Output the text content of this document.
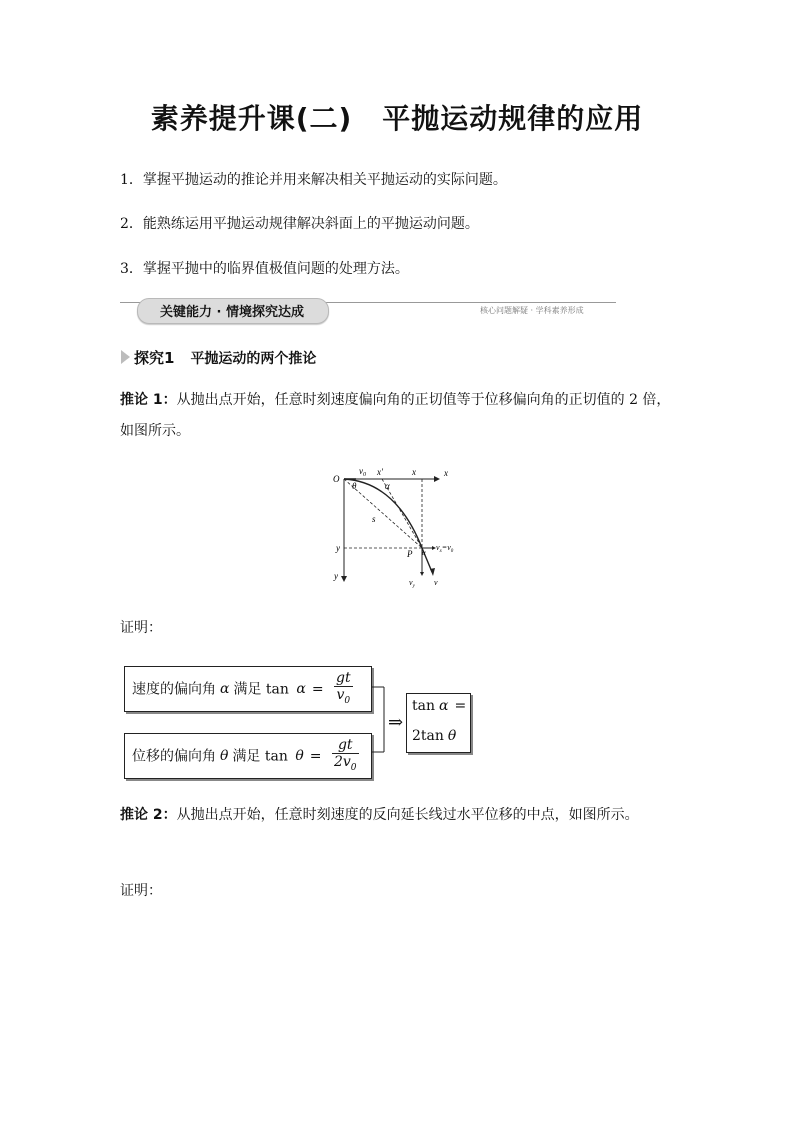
素养提升课(二) 平抛运动规律的应用
1．掌握平抛运动的推论并用来解决相关平抛运动的实际问题。
2．能熟练运用平抛运动规律解决斜面上的平抛运动问题。
3．掌握平抛中的临界值极值问题的处理方法。
关键能力 · 情境探究达成	核心问题解疑 · 学科素养形成
探究1 平抛运动的两个推论
推论 1：从抛出点开始，任意时刻速度偏向角的正切值等于位移偏向角的正切值的 2 倍，如图所示。
O
x
y
$v_0$ x′	x
θ	α
s
P
y	α
$v_x=v_0$
$v_y$ v
证明：
速度的偏向角 α 满足 $\tan \alpha = \frac{gt}{v_0}$
位移的偏向角 θ 满足 $\tan \theta = \frac{gt}{2v_0}$
⇒
tan α =
2tan θ
推论 2：从抛出点开始，任意时刻速度的反向延长线过水平位移的中点，如图所示。
证明：
